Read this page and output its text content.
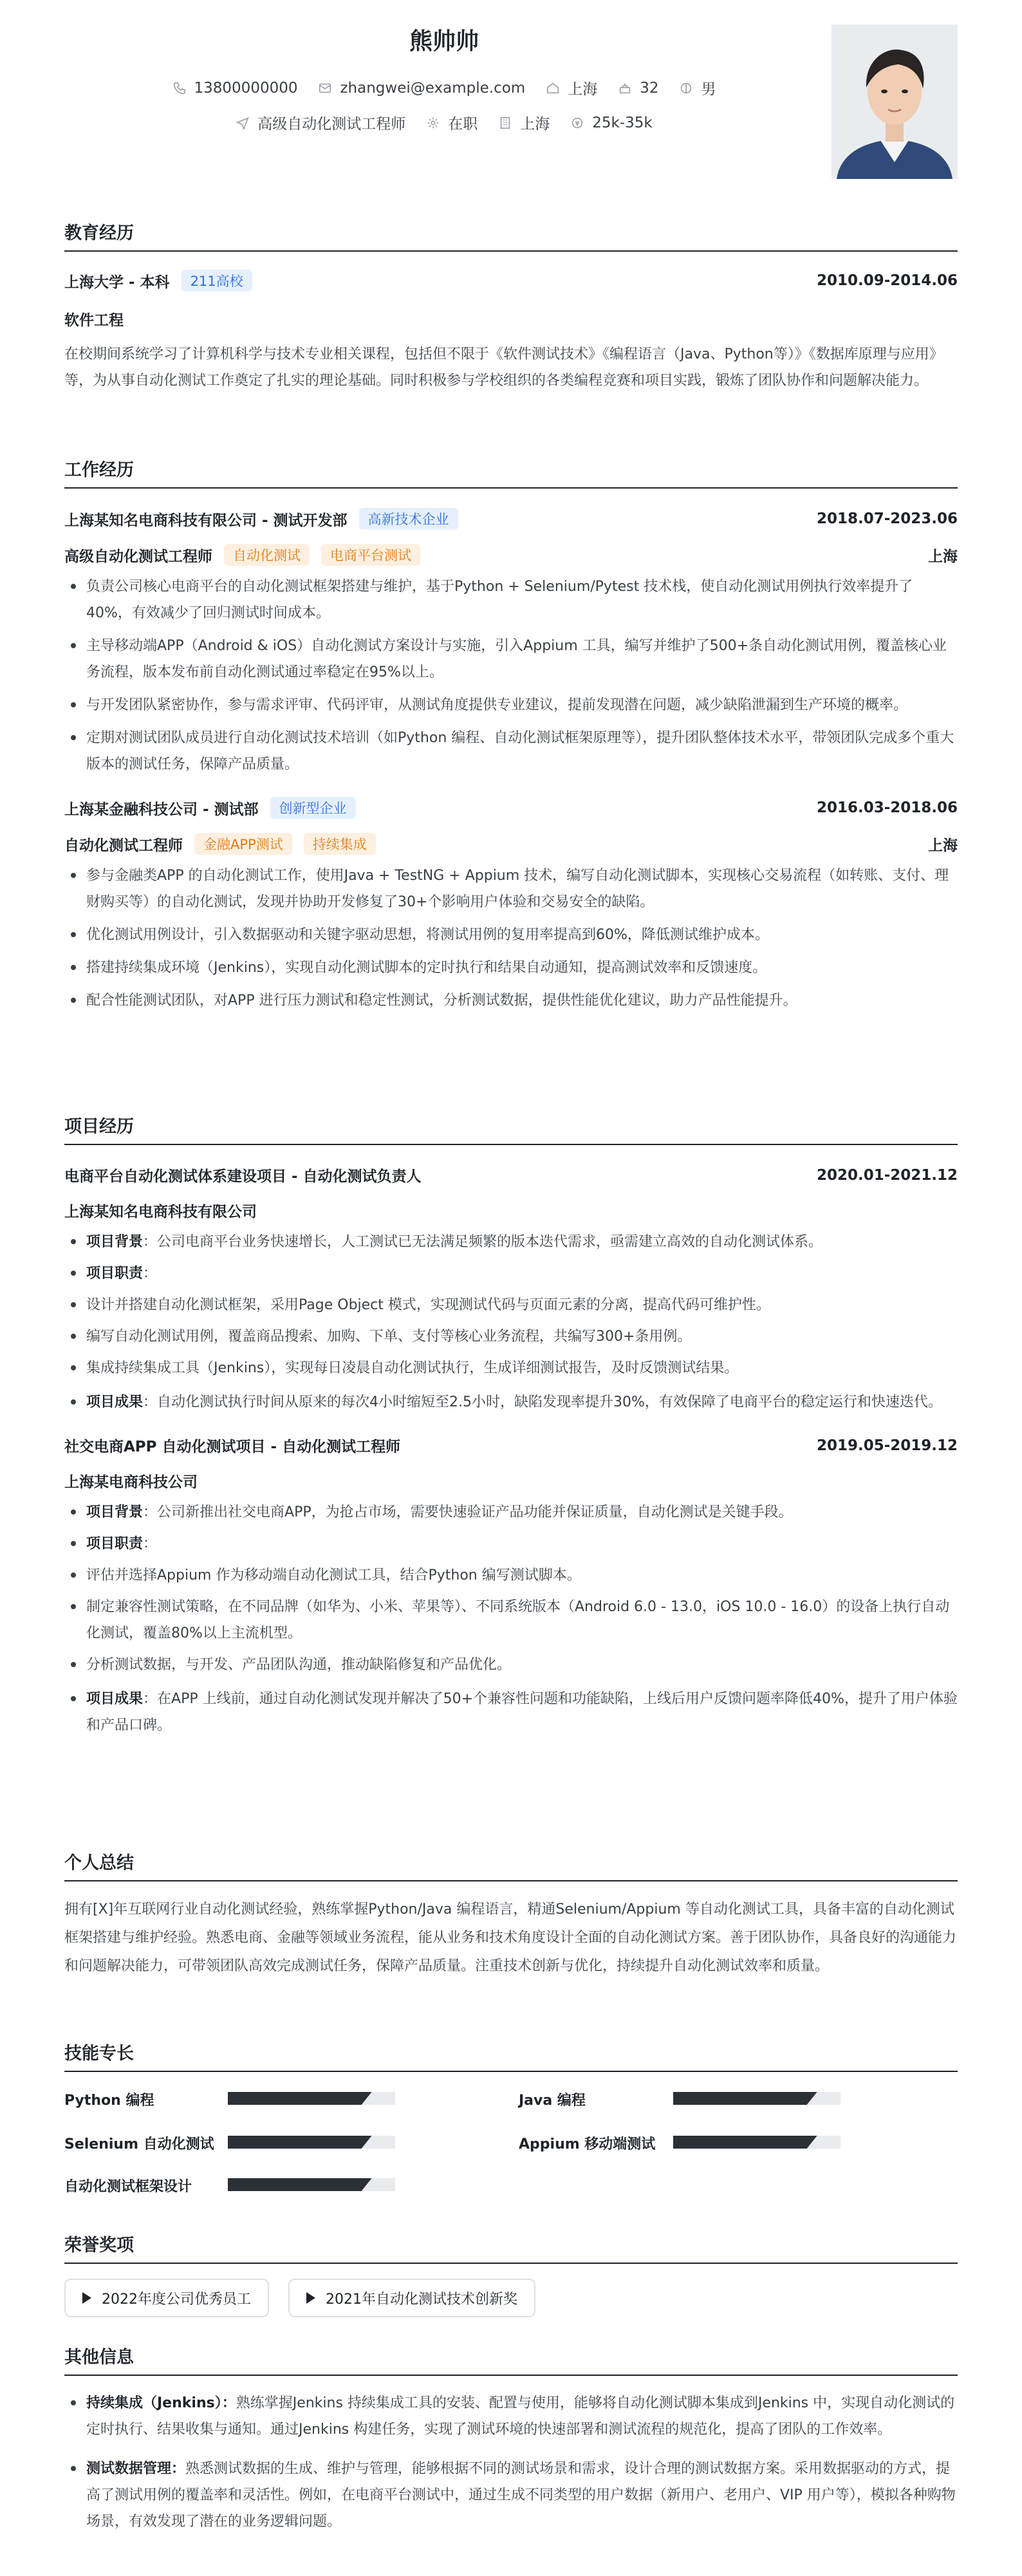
熊帅帅
13800000000	zhangwei@example.com	上海	32	男
高级自动化测试工程师	在职	上海	25k-35k
教育经历
上海大学 - 本科	211高校	2010.09-2014.06
软件工程
在校期间系统学习了计算机科学与技术专业相关课程，包括但不限于《软件测试技术》《编程语言（Java、Python等）》《数据库原理与应用》等，为从事自动化测试工作奠定了扎实的理论基础。同时积极参与学校组织的各类编程竞赛和项目实践，锻炼了团队协作和问题解决能力。
工作经历
上海某知名电商科技有限公司 - 测试开发部	高新技术企业	2018.07-2023.06
高级自动化测试工程师	自动化测试	电商平台测试	上海
负责公司核心电商平台的自动化测试框架搭建与维护，基于Python + Selenium/Pytest 技术栈，使自动化测试用例执行效率提升了40%，有效减少了回归测试时间成本。
主导移动端APP（Android & iOS）自动化测试方案设计与实施，引入Appium 工具，编写并维护了500+条自动化测试用例，覆盖核心业务流程，版本发布前自动化测试通过率稳定在95%以上。
与开发团队紧密协作，参与需求评审、代码评审，从测试角度提供专业建议，提前发现潜在问题，减少缺陷泄漏到生产环境的概率。
定期对测试团队成员进行自动化测试技术培训（如Python 编程、自动化测试框架原理等），提升团队整体技术水平，带领团队完成多个重大版本的测试任务，保障产品质量。
上海某金融科技公司 - 测试部	创新型企业	2016.03-2018.06
自动化测试工程师	金融APP测试	持续集成	上海
参与金融类APP 的自动化测试工作，使用Java + TestNG + Appium 技术，编写自动化测试脚本，实现核心交易流程（如转账、支付、理财购买等）的自动化测试，发现并协助开发修复了30+个影响用户体验和交易安全的缺陷。
优化测试用例设计，引入数据驱动和关键字驱动思想，将测试用例的复用率提高到60%，降低测试维护成本。
搭建持续集成环境（Jenkins），实现自动化测试脚本的定时执行和结果自动通知，提高测试效率和反馈速度。
配合性能测试团队，对APP 进行压力测试和稳定性测试，分析测试数据，提供性能优化建议，助力产品性能提升。
项目经历
电商平台自动化测试体系建设项目 - 自动化测试负责人	2020.01-2021.12
上海某知名电商科技有限公司
项目背景：公司电商平台业务快速增长，人工测试已无法满足频繁的版本迭代需求，亟需建立高效的自动化测试体系。
项目职责：
设计并搭建自动化测试框架，采用Page Object 模式，实现测试代码与页面元素的分离，提高代码可维护性。
编写自动化测试用例，覆盖商品搜索、加购、下单、支付等核心业务流程，共编写300+条用例。
集成持续集成工具（Jenkins），实现每日凌晨自动化测试执行，生成详细测试报告，及时反馈测试结果。
项目成果：自动化测试执行时间从原来的每次4小时缩短至2.5小时，缺陷发现率提升30%，有效保障了电商平台的稳定运行和快速迭代。
社交电商APP 自动化测试项目 - 自动化测试工程师	2019.05-2019.12
上海某电商科技公司
项目背景：公司新推出社交电商APP，为抢占市场，需要快速验证产品功能并保证质量，自动化测试是关键手段。
项目职责：
评估并选择Appium 作为移动端自动化测试工具，结合Python 编写测试脚本。
制定兼容性测试策略，在不同品牌（如华为、小米、苹果等）、不同系统版本（Android 6.0 - 13.0，iOS 10.0 - 16.0）的设备上执行自动化测试，覆盖80%以上主流机型。
分析测试数据，与开发、产品团队沟通，推动缺陷修复和产品优化。
项目成果：在APP 上线前，通过自动化测试发现并解决了50+个兼容性问题和功能缺陷，上线后用户反馈问题率降低40%，提升了用户体验和产品口碑。
个人总结
拥有[X]年互联网行业自动化测试经验，熟练掌握Python/Java 编程语言，精通Selenium/Appium 等自动化测试工具，具备丰富的自动化测试框架搭建与维护经验。熟悉电商、金融等领域业务流程，能从业务和技术角度设计全面的自动化测试方案。善于团队协作，具备良好的沟通能力和问题解决能力，可带领团队高效完成测试任务，保障产品质量。注重技术创新与优化，持续提升自动化测试效率和质量。
技能专长
Python 编程	Java 编程
Selenium 自动化测试	Appium 移动端测试
自动化测试框架设计
荣誉奖项
2022年度公司优秀员工	2021年自动化测试技术创新奖
其他信息
持续集成（Jenkins）：熟练掌握Jenkins 持续集成工具的安装、配置与使用，能够将自动化测试脚本集成到Jenkins 中，实现自动化测试的定时执行、结果收集与通知。通过Jenkins 构建任务，实现了测试环境的快速部署和测试流程的规范化，提高了团队的工作效率。
测试数据管理：熟悉测试数据的生成、维护与管理，能够根据不同的测试场景和需求，设计合理的测试数据方案。采用数据驱动的方式，提高了测试用例的覆盖率和灵活性。例如，在电商平台测试中，通过生成不同类型的用户数据（新用户、老用户、VIP 用户等），模拟各种购物场景，有效发现了潜在的业务逻辑问题。
